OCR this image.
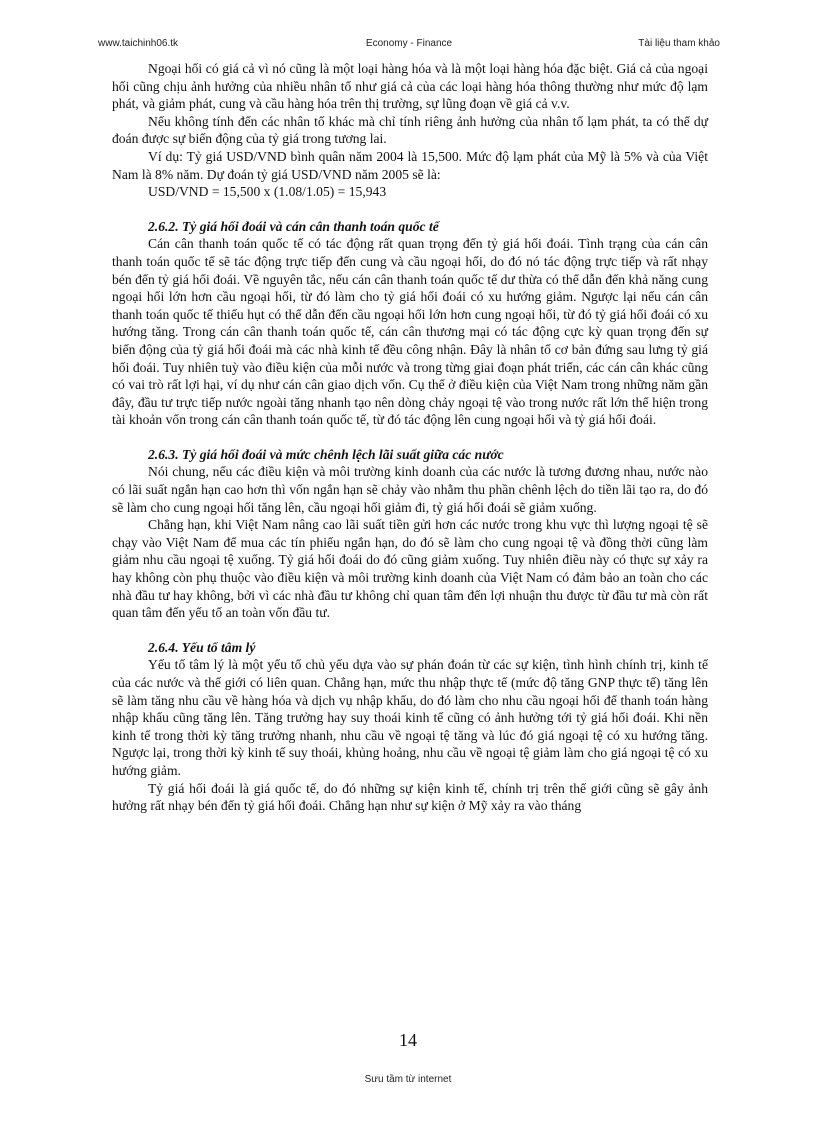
www.taichinh06.tk	Economy - Finance	Tài liệu tham khảo

Ngoại hối có giá cả vì nó cũng là một loại hàng hóa và là một loại hàng hóa đặc biệt. Giá cả của ngoại hối cũng chịu ảnh hưởng của nhiều nhân tố như giá cả của các loại hàng hóa thông thường như mức độ lạm phát, và giảm phát, cung và cầu hàng hóa trên thị trường, sự lũng đoạn về giá cả v.v.

Nếu không tính đến các nhân tố khác mà chỉ tính riêng ảnh hưởng của nhân tố lạm phát, ta có thể dự đoán được sự biến động của tỷ giá trong tương lai.

Ví dụ: Tỷ giá USD/VND bình quân năm 2004 là 15,500. Mức độ lạm phát của Mỹ là 5% và của Việt Nam là 8% năm. Dự đoán tỷ giá USD/VND năm 2005 sẽ là:

USD/VND = 15,500 x (1.08/1.05) = 15,943

2.6.2. Tỷ giá hối đoái và cán cân thanh toán quốc tế

Cán cân thanh toán quốc tế có tác động rất quan trọng đến tỷ giá hối đoái. Tình trạng của cán cân thanh toán quốc tế sẽ tác động trực tiếp đến cung và cầu ngoại hối, do đó nó tác động trực tiếp và rất nhạy bén đến tỷ giá hối đoái. Về nguyên tắc, nếu cán cân thanh toán quốc tế dư thừa có thể dẫn đến khả năng cung ngoại hối lớn hơn cầu ngoại hối, từ đó làm cho tỷ giá hối đoái có xu hướng giảm. Ngược lại nếu cán cân thanh toán quốc tế thiếu hụt có thể dẫn đến cầu ngoại hối lớn hơn cung ngoại hối, từ đó tỷ giá hối đoái có xu hướng tăng. Trong cán cân thanh toán quốc tế, cán cân thương mại có tác động cực kỳ quan trọng đến sự biến động của tỷ giá hối đoái mà các nhà kinh tế đều công nhận. Đây là nhân tố cơ bản đứng sau lưng tỷ giá hối đoái. Tuy nhiên tuỳ vào điều kiện của mỗi nước và trong từng giai đoạn phát triển, các cán cân khác cũng có vai trò rất lợi hại, ví dụ như cán cân giao dịch vốn. Cụ thể ở điều kiện của Việt Nam trong những năm gần đây, đầu tư trực tiếp nước ngoài tăng nhanh tạo nên dòng chảy ngoại tệ vào trong nước rất lớn thể hiện trong tài khoản vốn trong cán cân thanh toán quốc tế, từ đó tác động lên cung ngoại hối và tỷ giá hối đoái.

2.6.3. Tỷ giá hối đoái và mức chênh lệch lãi suất giữa các nước

Nói chung, nếu các điều kiện và môi trường kinh doanh của các nước là tương đương nhau, nước nào có lãi suất ngắn hạn cao hơn thì vốn ngắn hạn sẽ chảy vào nhằm thu phần chênh lệch do tiền lãi tạo ra, do đó sẽ làm cho cung ngoại hối tăng lên, cầu ngoại hối giảm đi, tỷ giá hối đoái sẽ giảm xuống.

Chẳng hạn, khi Việt Nam nâng cao lãi suất tiền gửi hơn các nước trong khu vực thì lượng ngoại tệ sẽ chạy vào Việt Nam để mua các tín phiếu ngắn hạn, do đó sẽ làm cho cung ngoại tệ và đồng thời cũng làm giảm nhu cầu ngoại tệ xuống. Tỷ giá hối đoái do đó cũng giảm xuống. Tuy nhiên điều này có thực sự xảy ra hay không còn phụ thuộc vào điều kiện và môi trường kinh doanh của Việt Nam có đảm bảo an toàn cho các nhà đầu tư hay không, bởi vì các nhà đầu tư không chỉ quan tâm đến lợi nhuận thu được từ đầu tư mà còn rất quan tâm đến yếu tố an toàn vốn đầu tư.

2.6.4. Yếu tố tâm lý

Yếu tố tâm lý là một yếu tố chủ yếu dựa vào sự phán đoán từ các sự kiện, tình hình chính trị, kinh tế của các nước và thế giới có liên quan. Chẳng hạn, mức thu nhập thực tế (mức độ tăng GNP thực tế) tăng lên sẽ làm tăng nhu cầu về hàng hóa và dịch vụ nhập khẩu, do đó làm cho nhu cầu ngoại hối để thanh toán hàng nhập khẩu cũng tăng lên. Tăng trưởng hay suy thoái kinh tế cũng có ảnh hưởng tới tỷ giá hối đoái. Khi nền kinh tế trong thời kỳ tăng trưởng nhanh, nhu cầu về ngoại tệ tăng và lúc đó giá ngoại tệ có xu hướng tăng. Ngược lại, trong thời kỳ kinh tế suy thoái, khủng hoảng, nhu cầu về ngoại tệ giảm làm cho giá ngoại tệ có xu hướng giảm.

Tỷ giá hối đoái là giá quốc tế, do đó những sự kiện kinh tế, chính trị trên thế giới cũng sẽ gây ảnh hưởng rất nhạy bén đến tỷ giá hối đoái. Chẳng hạn như sự kiện ở Mỹ xảy ra vào tháng

14
Sưu tầm từ internet
